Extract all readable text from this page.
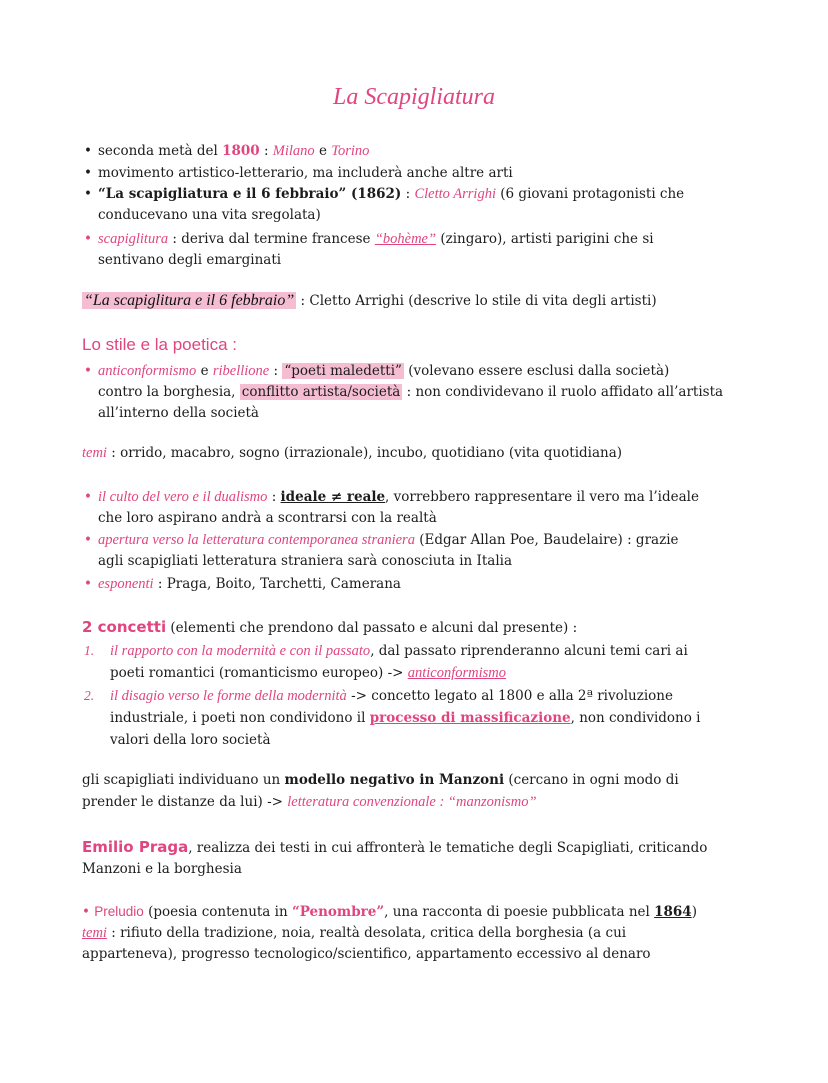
La Scapigliatura
• seconda metà del 1800 : Milano e Torino
• movimento artistico-letterario, ma includerà anche altre arti
• “La scapigliatura e il 6 febbraio” (1862) : Cletto Arrighi (6 giovani protagonisti che
conducevano una vita sregolata)
• scapiglitura : deriva dal termine francese “bohème” (zingaro), artisti parigini che si
sentivano degli emarginati
“La scapiglitura e il 6 febbraio” : Cletto Arrighi (descrive lo stile di vita degli artisti)
Lo stile e la poetica :
• anticonformismo e ribellione : “poeti maledetti” (volevano essere esclusi dalla società)
contro la borghesia, conflitto artista/società : non condividevano il ruolo affidato all’artista
all’interno della società
temi : orrido, macabro, sogno (irrazionale), incubo, quotidiano (vita quotidiana)
• il culto del vero e il dualismo : ideale ≠ reale, vorrebbero rappresentare il vero ma l’ideale
che loro aspirano andrà a scontrarsi con la realtà
• apertura verso la letteratura contemporanea straniera (Edgar Allan Poe, Baudelaire) : grazie
agli scapigliati letteratura straniera sarà conosciuta in Italia
• esponenti : Praga, Boito, Tarchetti, Camerana
2 concetti (elementi che prendono dal passato e alcuni dal presente) :
1. il rapporto con la modernità e con il passato, dal passato riprenderanno alcuni temi cari ai
poeti romantici (romanticismo europeo) -> anticonformismo
2. il disagio verso le forme della modernità -> concetto legato al 1800 e alla 2ª rivoluzione
industriale, i poeti non condividono il processo di massificazione, non condividono i
valori della loro società
gli scapigliati individuano un modello negativo in Manzoni (cercano in ogni modo di
prender le distanze da lui) -> letteratura convenzionale : “manzonismo”
Emilio Praga, realizza dei testi in cui affronterà le tematiche degli Scapigliati, criticando
Manzoni e la borghesia
• Preludio (poesia contenuta in “Penombre”, una racconta di poesie pubblicata nel 1864)
temi : rifiuto della tradizione, noia, realtà desolata, critica della borghesia (a cui
apparteneva), progresso tecnologico/scientifico, appartamento eccessivo al denaro
